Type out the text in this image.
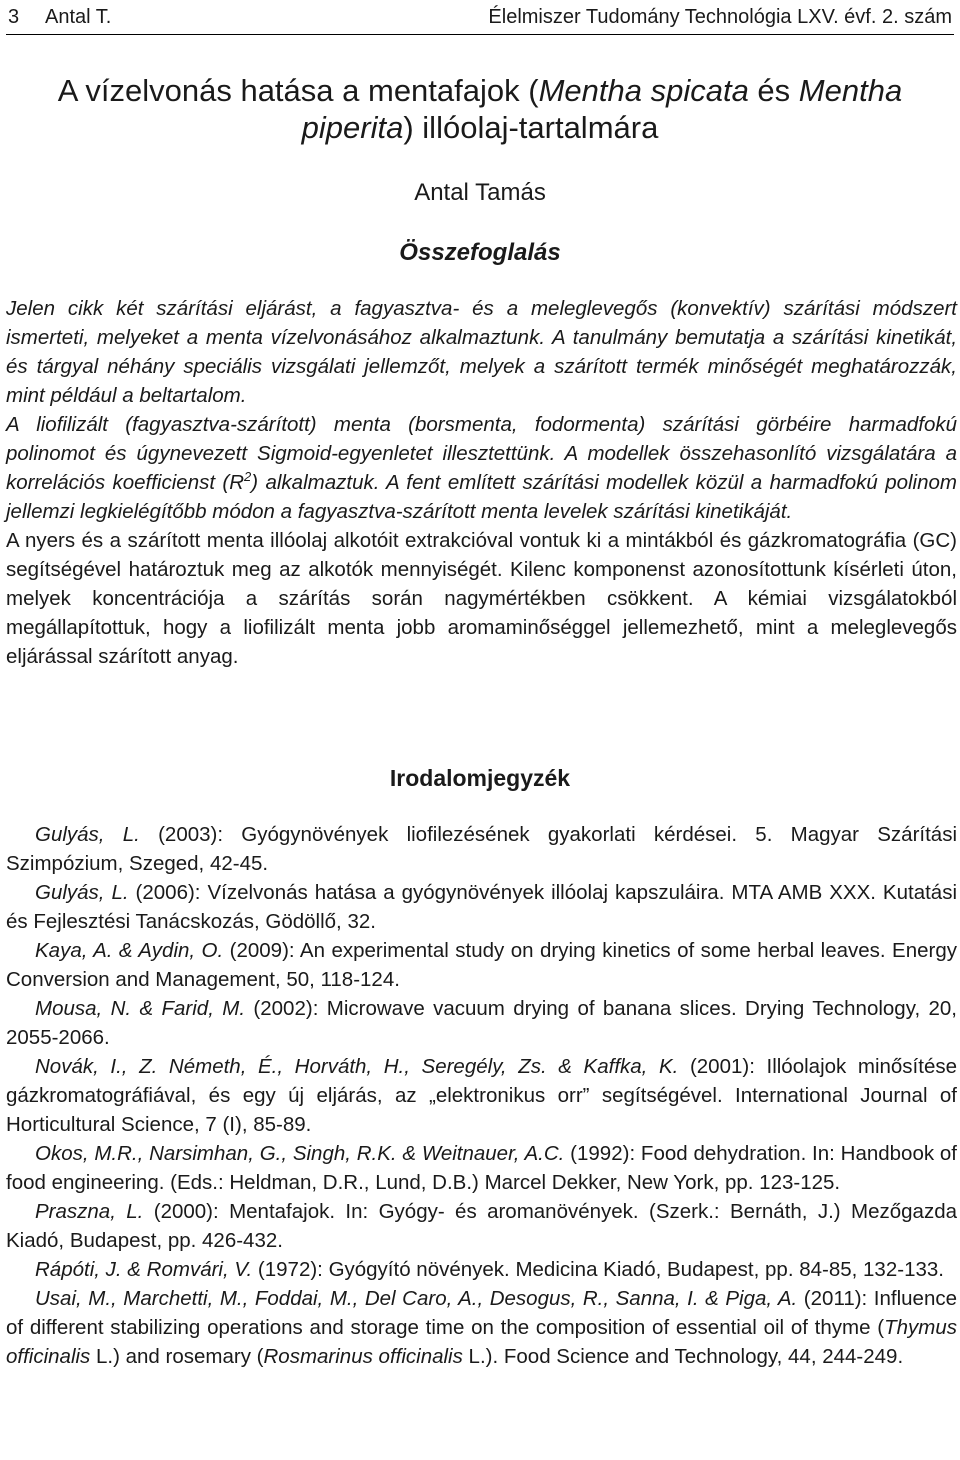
3 Antal T.	Élelmiszer Tudomány Technológia LXV. évf. 2. szám
A vízelvonás hatása a mentafajok (Mentha spicata és Mentha piperita) illóolaj-tartalmára
Antal Tamás
Összefoglalás

Jelen cikk két szárítási eljárást, a fagyasztva- és a meleglevegős (konvektív) szárítási módszert ismerteti, melyeket a menta vízelvonásához alkalmaztunk. A tanulmány bemutatja a szárítási kinetikát, és tárgyal néhány speciális vizsgálati jellemzőt, melyek a szárított termék minőségét meghatározzák, mint például a beltartalom.

A liofilizált (fagyasztva-szárított) menta (borsmenta, fodormenta) szárítási görbéire harmadfokú polinomot és úgynevezett Sigmoid-egyenletet illesztettünk. A modellek összehasonlító vizsgálatára a korrelációs koefficienst $(R^2)$ alkalmaztuk. A fent említett szárítási modellek közül a harmadfokú polinom jellemzi legkielégítőbb módon a fagyasztva-szárított menta levelek szárítási kinetikáját.

A nyers és a szárított menta illóolaj alkotóit extrakcióval vontuk ki a mintákból és gázkromatográfia (GC) segítségével határoztuk meg az alkotók mennyiségét. Kilenc komponenst azonosítottunk kísérleti úton, melyek koncentrációja a szárítás során nagymértékben csökkent. A kémiai vizsgálatokból megállapítottuk, hogy a liofilizált menta jobb aromaminőséggel jellemezhető, mint a meleglevegős eljárással szárított anyag.

Irodalomjegyzék

Gulyás, L. (2003): Gyógynövények liofilezésének gyakorlati kérdései. 5. Magyar Szárítási Szimpózium, Szeged, 42-45.

Gulyás, L. (2006): Vízelvonás hatása a gyógynövények illóolaj kapszuláira. MTA AMB XXX. Kutatási és Fejlesztési Tanácskozás, Gödöllő, 32.

Kaya, A. & Aydin, O. (2009): An experimental study on drying kinetics of some herbal leaves. Energy Conversion and Management, 50, 118-124.

Mousa, N. & Farid, M. (2002): Microwave vacuum drying of banana slices. Drying Technology, 20, 2055-2066.

Novák, I., Z. Németh, É., Horváth, H., Seregély, Zs. & Kaffka, K. (2001): Illóolajok minősítése gázkromatográfiával, és egy új eljárás, az „elektronikus orr” segítségével. International Journal of Horticultural Science, 7 (I), 85-89.

Okos, M.R., Narsimhan, G., Singh, R.K. & Weitnauer, A.C. (1992): Food dehydration. In: Handbook of food engineering. (Eds.: Heldman, D.R., Lund, D.B.) Marcel Dekker, New York, pp. 123-125.

Praszna, L. (2000): Mentafajok. In: Gyógy- és aromanövények. (Szerk.: Bernáth, J.) Mezőgazda Kiadó, Budapest, pp. 426-432.

Rápóti, J. & Romvári, V. (1972): Gyógyító növények. Medicina Kiadó, Budapest, pp. 84-85, 132-133.

Usai, M., Marchetti, M., Foddai, M., Del Caro, A., Desogus, R., Sanna, I. & Piga, A. (2011): Influence of different stabilizing operations and storage time on the composition of essential oil of thyme (Thymus officinalis L.) and rosemary (Rosmarinus officinalis L.). Food Science and Technology, 44, 244-249.
